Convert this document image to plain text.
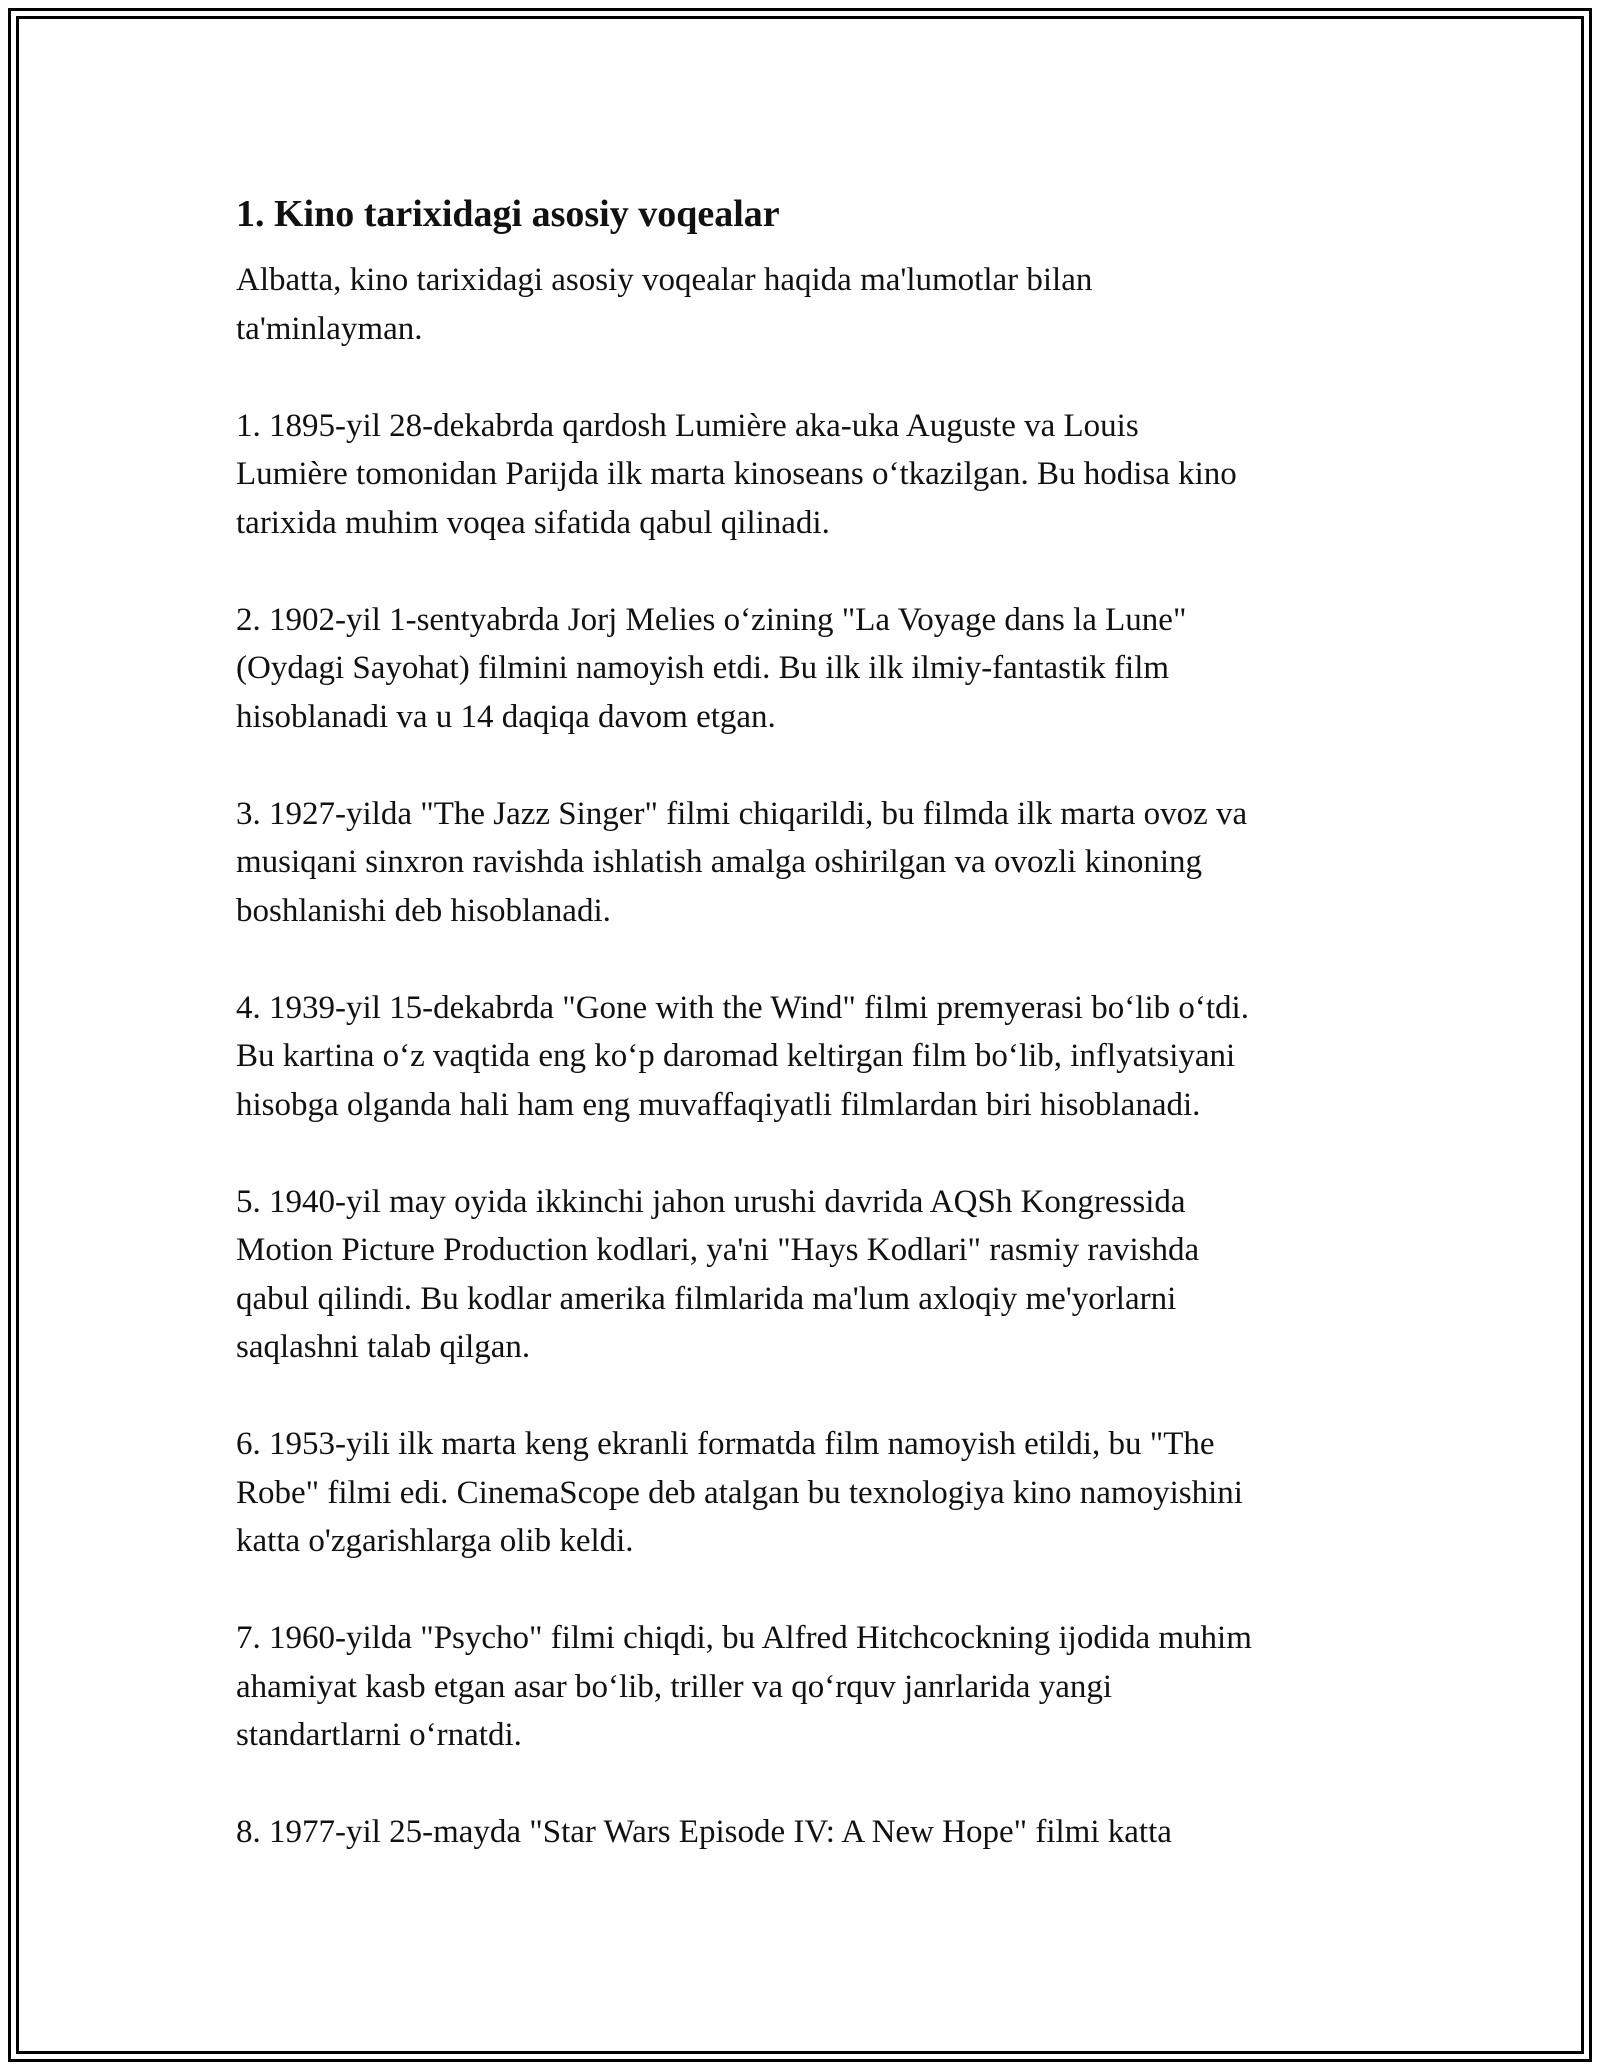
1. Kino tarixidagi asosiy voqealar
Albatta, kino tarixidagi asosiy voqealar haqida ma'lumotlar bilan
ta'minlayman.
1. 1895-yil 28-dekabrda qardosh Lumière aka-uka Auguste va Louis
Lumière tomonidan Parijda ilk marta kinoseans o‘tkazilgan. Bu hodisa kino
tarixida muhim voqea sifatida qabul qilinadi.
2. 1902-yil 1-sentyabrda Jorj Melies o‘zining "La Voyage dans la Lune"
(Oydagi Sayohat) filmini namoyish etdi. Bu ilk ilk ilmiy-fantastik film
hisoblanadi va u 14 daqiqa davom etgan.
3. 1927-yilda "The Jazz Singer" filmi chiqarildi, bu filmda ilk marta ovoz va
musiqani sinxron ravishda ishlatish amalga oshirilgan va ovozli kinoning
boshlanishi deb hisoblanadi.
4. 1939-yil 15-dekabrda "Gone with the Wind" filmi premyerasi bo‘lib o‘tdi.
Bu kartina o‘z vaqtida eng ko‘p daromad keltirgan film bo‘lib, inflyatsiyani
hisobga olganda hali ham eng muvaffaqiyatli filmlardan biri hisoblanadi.
5. 1940-yil may oyida ikkinchi jahon urushi davrida AQSh Kongressida
Motion Picture Production kodlari, ya'ni "Hays Kodlari" rasmiy ravishda
qabul qilindi. Bu kodlar amerika filmlarida ma'lum axloqiy me'yorlarni
saqlashni talab qilgan.
6. 1953-yili ilk marta keng ekranli formatda film namoyish etildi, bu "The
Robe" filmi edi. CinemaScope deb atalgan bu texnologiya kino namoyishini
katta o'zgarishlarga olib keldi.
7. 1960-yilda "Psycho" filmi chiqdi, bu Alfred Hitchcockning ijodida muhim
ahamiyat kasb etgan asar bo‘lib, triller va qo‘rquv janrlarida yangi
standartlarni o‘rnatdi.
8. 1977-yil 25-mayda "Star Wars Episode IV: A New Hope" filmi katta
